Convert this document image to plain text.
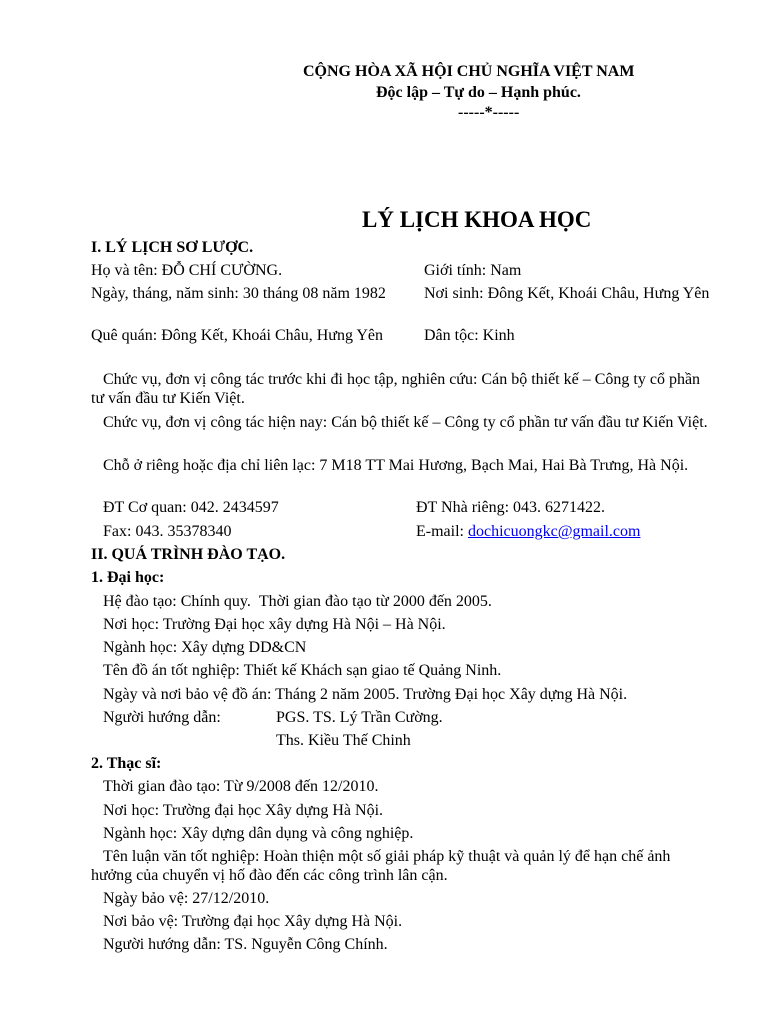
CỘNG HÒA XÃ HỘI CHỦ NGHĨA VIỆT NAM
Độc lập – Tự do – Hạnh phúc.
-----*-----
LÝ LỊCH KHOA HỌC
I. LÝ LỊCH SƠ LƯỢC.
Họ và tên: ĐỖ CHÍ CƯỜNG.	Giới tính: Nam
Ngày, tháng, năm sinh: 30 tháng 08 năm 1982	Nơi sinh: Đông Kết, Khoái Châu, Hưng Yên
Quê quán: Đông Kết, Khoái Châu, Hưng Yên	Dân tộc: Kinh
Chức vụ, đơn vị công tác trước khi đi học tập, nghiên cứu: Cán bộ thiết kế – Công ty cổ phần tư vấn đầu tư Kiến Việt.
Chức vụ, đơn vị công tác hiện nay: Cán bộ thiết kế – Công ty cổ phần tư vấn đầu tư Kiến Việt.
Chỗ ở riêng hoặc địa chỉ liên lạc: 7 M18 TT Mai Hương, Bạch Mai, Hai Bà Trưng, Hà Nội.
ĐT Cơ quan: 042. 2434597	ĐT Nhà riêng: 043. 6271422.
Fax: 043. 35378340	E-mail: dochicuongkc@gmail.com
II. QUÁ TRÌNH ĐÀO TẠO.
1. Đại học:
Hệ đào tạo: Chính quy. Thời gian đào tạo từ 2000 đến 2005.
Nơi học: Trường Đại học xây dựng Hà Nội – Hà Nội.
Ngành học: Xây dựng DD&CN
Tên đồ án tốt nghiệp: Thiết kế Khách sạn giao tế Quảng Ninh.
Ngày và nơi bảo vệ đồ án: Tháng 2 năm 2005. Trường Đại học Xây dựng Hà Nội.
Người hướng dẫn:	PGS. TS. Lý Trần Cường.
Ths. Kiều Thế Chinh
2. Thạc sĩ:
Thời gian đào tạo: Từ 9/2008 đến 12/2010.
Nơi học: Trường đại học Xây dựng Hà Nội.
Ngành học: Xây dựng dân dụng và công nghiệp.
Tên luận văn tốt nghiệp: Hoàn thiện một số giải pháp kỹ thuật và quản lý để hạn chế ảnh hưởng của chuyển vị hố đào đến các công trình lân cận.
Ngày bảo vệ: 27/12/2010.
Nơi bảo vệ: Trường đại học Xây dựng Hà Nội.
Người hướng dẫn: TS. Nguyễn Công Chính.
